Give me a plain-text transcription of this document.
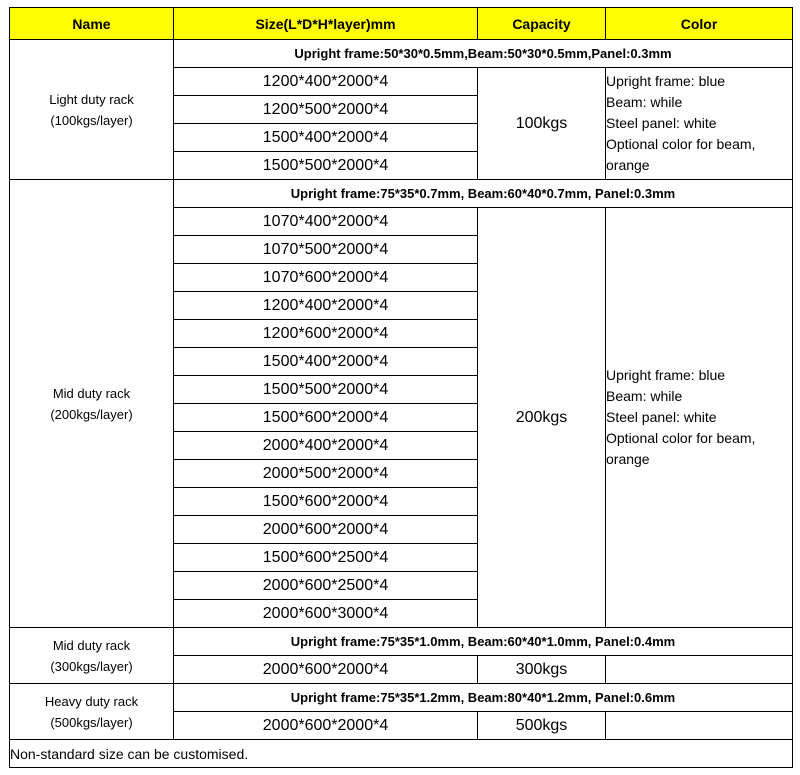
Name	Size(L*D*H*layer)mm	Capacity	Color

Light duty rack
(100kgs/layer)	Upright frame:50*30*0.5mm,Beam:50*30*0.5mm,Panel:0.3mm		
	1200*400*2000*4	100kgs	Upright frame: blue
Beam: while
Steel panel: white
Optional color for beam,
orange

	1200*500*2000*4		
	1500*400*2000*4		
	1500*500*2000*4		

Mid duty rack
(200kgs/layer)	Upright frame:75*35*0.7mm, Beam:60*40*0.7mm, Panel:0.3mm		
	1070*400*2000*4	200kgs	Upright frame: blue
Beam: while
Steel panel: white
Optional color for beam,
orange

	1070*500*2000*4		
	1070*600*2000*4		
	1200*400*2000*4		
	1200*600*2000*4		
	1500*400*2000*4		
	1500*500*2000*4		
	1500*600*2000*4		
	2000*400*2000*4		
	2000*500*2000*4		
	1500*600*2000*4		
	2000*600*2000*4		
	1500*600*2500*4		
	2000*600*2500*4		
	2000*600*3000*4		

Mid duty rack
(300kgs/layer)	Upright frame:75*35*1.0mm, Beam:60*40*1.0mm, Panel:0.4mm		
	2000*600*2000*4	300kgs	

Heavy duty rack
(500kgs/layer)	Upright frame:75*35*1.2mm, Beam:80*40*1.2mm, Panel:0.6mm		
	2000*600*2000*4	500kgs	
Non-standard size can be customised.			
